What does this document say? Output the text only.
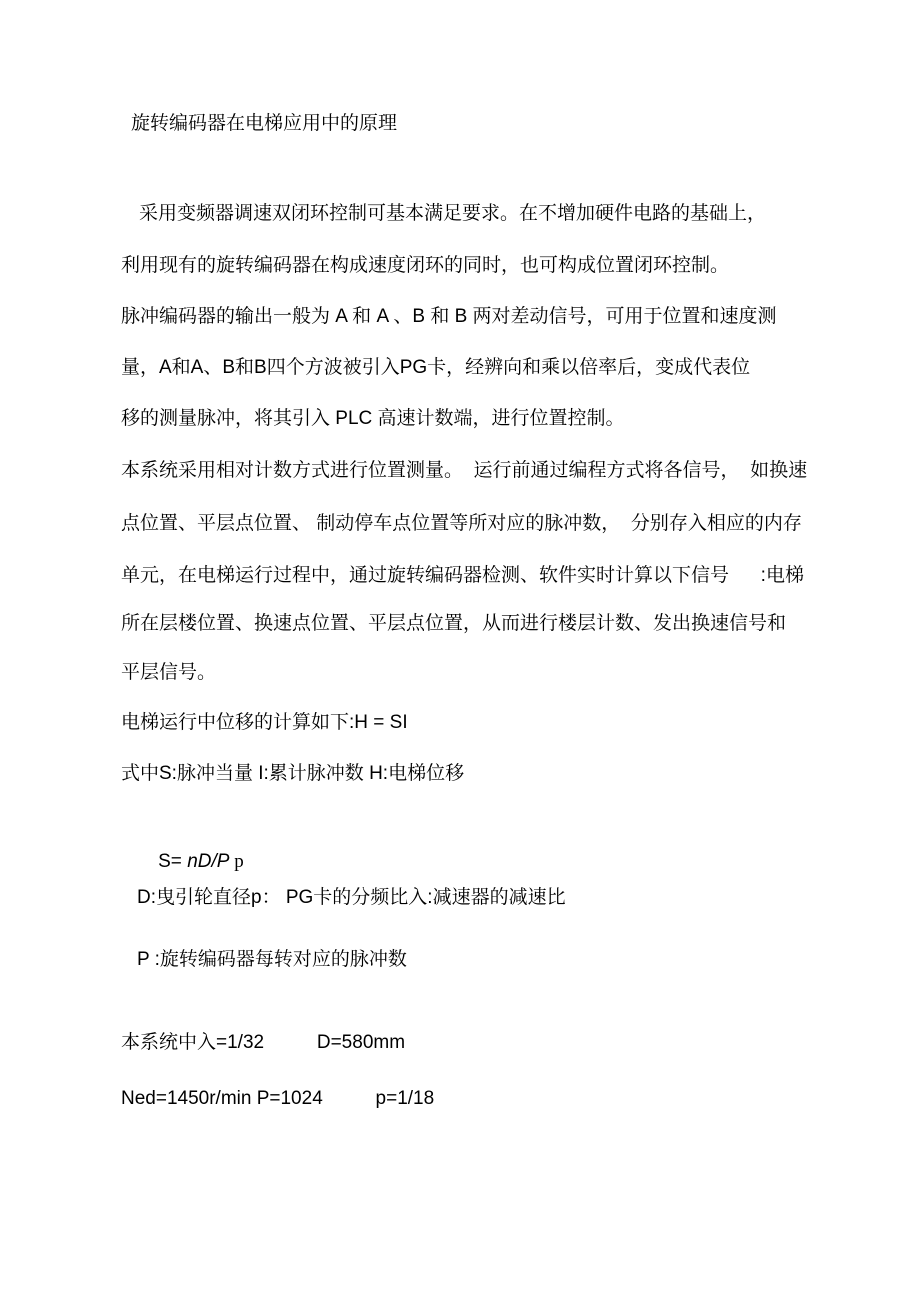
旋转编码器在电梯应用中的原理
采用变频器调速双闭环控制可基本满足要求。在不增加硬件电路的基础上，
利用现有的旋转编码器在构成速度闭环的同时，也可构成位置闭环控制。
脉冲编码器的输出一般为 A 和 A 、B 和 B 两对差动信号，可用于位置和速度测
量，A和A、B和B四个方波被引入PG卡，经辨向和乘以倍率后，变成代表位
移的测量脉冲，将其引入 PLC 高速计数端，进行位置控制。
本系统采用相对计数方式进行位置测量。  运行前通过编程方式将各信号，  如换速
点位置、平层点位置、 制动停车点位置等所对应的脉冲数，  分别存入相应的内存
单元，在电梯运行过程中，通过旋转编码器检测、软件实时计算以下信号      :电梯
所在层楼位置、换速点位置、平层点位置，从而进行楼层计数、发出换速信号和
平层信号。
电梯运行中位移的计算如下:H = SI
式中S:脉冲当量 I:累计脉冲数 H:电梯位移

S= nD/P p

D:曳引轮直径p： PG卡的分频比入:减速器的减速比
P :旋转编码器每转对应的脉冲数
本系统中入=1/32          D=580mm
Ned=1450r/min P=1024          p=1/18
